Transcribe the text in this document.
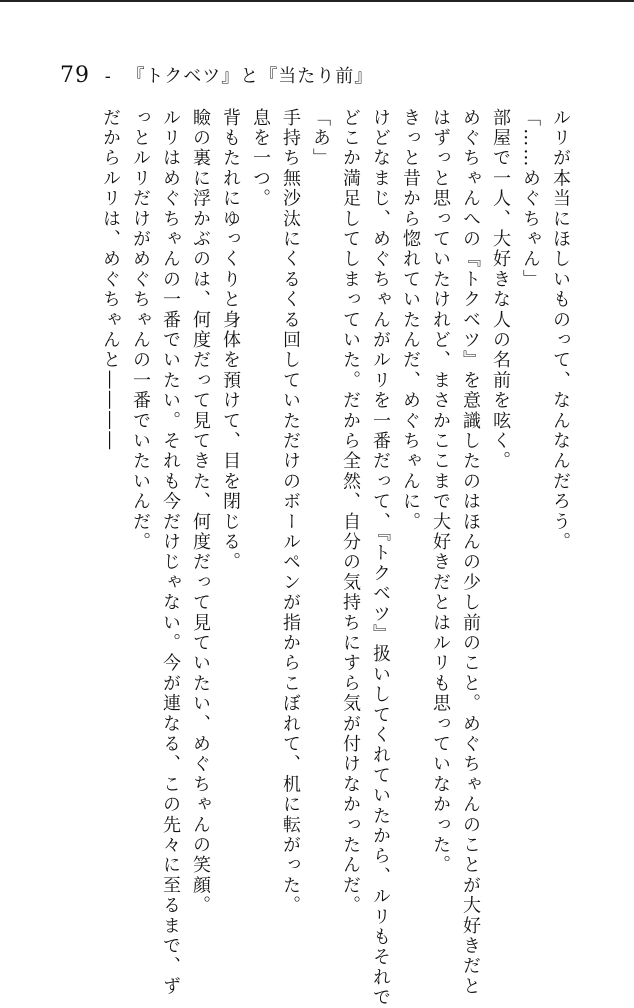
79 - 『トクベツ』と『当たり前』
ルリが本当にほしいものって、なんなんだろう。
「……めぐちゃん」
部屋で一人、大好きな人の名前を呟く。
めぐちゃんへの『トクベツ』を意識したのはほんの少し前のこと。めぐちゃんのことが大好きだと
はずっと思っていたけれど、まさかここまで大好きだとはルリも思っていなかった。
きっと昔から惚れていたんだ、めぐちゃんに。
けどなまじ、めぐちゃんがルリを一番だって、『トクベツ』扱いしてくれていたから、ルリもそれで
どこか満足してしまっていた。だから全然、自分の気持ちにすら気が付けなかったんだ。
「あ」
手持ち無沙汰にくるくる回していただけのボールペンが指からこぼれて、机に転がった。
息を一つ。
背もたれにゆっくりと身体を預けて、目を閉じる。
瞼の裏に浮かぶのは、何度だって見てきた、何度だって見ていたい、めぐちゃんの笑顔。
ルリはめぐちゃんの一番でいたい。それも今だけじゃない。今が連なる、この先々に至るまで、ず
っとルリだけがめぐちゃんの一番でいたいんだ。
だからルリは、めぐちゃんと――――
